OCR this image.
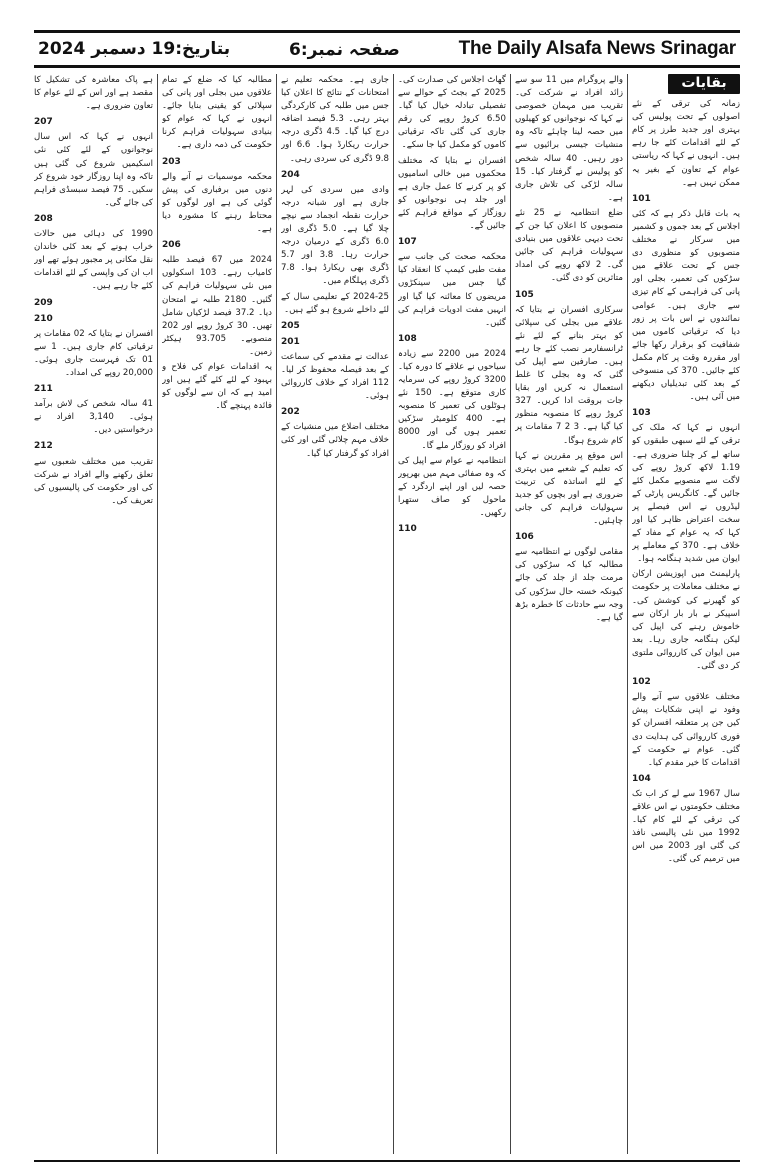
بتاریخ:19 دسمبر 2024	صفحہ نمبر:6	The Daily Alsafa News Srinagar
بقایات

زمانہ کی ترقی کے نئے اصولوں کے تحت پولیس کی بہتری اور جدید طرز پر کام کے لئے اقدامات کئے جا رہے ہیں۔ انہوں نے کہا کہ ریاستی عوام کے تعاون کے بغیر یہ ممکن نہیں ہے۔

101

یہ بات قابل ذکر ہے کہ کئی اجلاس کے بعد جموں و کشمیر میں سرکار نے مختلف منصوبوں کو منظوری دی جس کے تحت علاقے میں سڑکوں کی تعمیر، بجلی اور پانی کی فراہمی کے کام تیزی سے جاری ہیں۔ عوامی نمائندوں نے اس بات پر زور دیا کہ ترقیاتی کاموں میں شفافیت کو برقرار رکھا جائے اور مقررہ وقت پر کام مکمل کئے جائیں۔ 370 کی منسوخی کے بعد کئی تبدیلیاں دیکھنے میں آئی ہیں۔

103

انہوں نے کہا کہ ملک کی ترقی کے لئے سبھی طبقوں کو ساتھ لے کر چلنا ضروری ہے۔ 1.19 لاکھ کروڑ روپے کی لاگت سے منصوبے مکمل کئے جائیں گے۔ کانگریس پارٹی کے لیڈروں نے اس فیصلے پر سخت اعتراض ظاہر کیا اور کہا کہ یہ عوام کے مفاد کے خلاف ہے۔ 370 کے معاملے پر ایوان میں شدید ہنگامہ ہوا۔

پارلیمنٹ میں اپوزیشن ارکان نے مختلف معاملات پر حکومت کو گھیرنے کی کوشش کی۔ اسپیکر نے بار بار ارکان سے خاموش رہنے کی اپیل کی لیکن ہنگامہ جاری رہا۔ بعد میں ایوان کی کارروائی ملتوی کر دی گئی۔

102

مختلف علاقوں سے آنے والے وفود نے اپنی شکایات پیش کیں جن پر متعلقہ افسران کو فوری کارروائی کی ہدایت دی گئی۔ عوام نے حکومت کے اقدامات کا خیر مقدم کیا۔

104

سال 1967 سے لے کر اب تک مختلف حکومتوں نے اس علاقے کی ترقی کے لئے کام کیا۔ 1992 میں نئی پالیسی نافذ کی گئی اور 2003 میں اس میں ترمیم کی گئی۔

والے پروگرام میں 11 سو سے زائد افراد نے شرکت کی۔ تقریب میں مہمان خصوصی نے کہا کہ نوجوانوں کو کھیلوں میں حصہ لینا چاہئے تاکہ وہ منشیات جیسی برائیوں سے دور رہیں۔ 40 سالہ شخص کو پولیس نے گرفتار کیا۔ 15 سالہ لڑکی کی تلاش جاری ہے۔

ضلع انتظامیہ نے 25 نئے منصوبوں کا اعلان کیا جن کے تحت دیہی علاقوں میں بنیادی سہولیات فراہم کی جائیں گی۔ 2 لاکھ روپے کی امداد متاثرین کو دی گئی۔

105

سرکاری افسران نے بتایا کہ علاقے میں بجلی کی سپلائی کو بہتر بنانے کے لئے نئے ٹرانسفارمر نصب کئے جا رہے ہیں۔ صارفین سے اپیل کی گئی کہ وہ بجلی کا غلط استعمال نہ کریں اور بقایا جات بروقت ادا کریں۔ 327 کروڑ روپے کا منصوبہ منظور کیا گیا ہے۔ 3 2 7 مقامات پر کام شروع ہوگا۔

اس موقع پر مقررین نے کہا کہ تعلیم کے شعبے میں بہتری کے لئے اساتذہ کی تربیت ضروری ہے اور بچوں کو جدید سہولیات فراہم کی جانی چاہئیں۔

106

مقامی لوگوں نے انتظامیہ سے مطالبہ کیا کہ سڑکوں کی مرمت جلد از جلد کی جائے کیونکہ خستہ حال سڑکوں کی وجہ سے حادثات کا خطرہ بڑھ گیا ہے۔

گھاٹ اجلاس کی صدارت کی۔ 2025 کے بجٹ کے حوالے سے تفصیلی تبادلہ خیال کیا گیا۔ 6.50 کروڑ روپے کی رقم جاری کی گئی تاکہ ترقیاتی کاموں کو مکمل کیا جا سکے۔

افسران نے بتایا کہ مختلف محکموں میں خالی اسامیوں کو پر کرنے کا عمل جاری ہے اور جلد ہی نوجوانوں کو روزگار کے مواقع فراہم کئے جائیں گے۔

107

محکمہ صحت کی جانب سے مفت طبی کیمپ کا انعقاد کیا گیا جس میں سینکڑوں مریضوں کا معائنہ کیا گیا اور انہیں مفت ادویات فراہم کی گئیں۔

108

2024 میں 2200 سے زیادہ سیاحوں نے علاقے کا دورہ کیا۔ 3200 کروڑ روپے کی سرمایہ کاری متوقع ہے۔ 150 نئے ہوٹلوں کی تعمیر کا منصوبہ ہے۔ 400 کلومیٹر سڑکیں تعمیر ہوں گی اور 8000 افراد کو روزگار ملے گا۔

انتظامیہ نے عوام سے اپیل کی کہ وہ صفائی مہم میں بھرپور حصہ لیں اور اپنے اردگرد کے ماحول کو صاف ستھرا رکھیں۔

110

جاری ہے۔ محکمہ تعلیم نے امتحانات کے نتائج کا اعلان کیا جس میں طلبہ کی کارکردگی بہتر رہی۔ 5.3 فیصد اضافہ درج کیا گیا۔ 4.5 ڈگری درجہ حرارت ریکارڈ ہوا۔ 6.6 اور 9.8 ڈگری کی سردی رہی۔

204

وادی میں سردی کی لہر جاری ہے اور شبانہ درجہ حرارت نقطہ انجماد سے نیچے چلا گیا ہے۔ 5.0 ڈگری اور 6.0 ڈگری کے درمیان درجہ حرارت رہا۔ 3.8 اور 5.7 ڈگری بھی ریکارڈ ہوا۔ 7.8 ڈگری پہلگام میں۔

2024-25 کے تعلیمی سال کے لئے داخلے شروع ہو گئے ہیں۔

205
201

عدالت نے مقدمے کی سماعت کے بعد فیصلہ محفوظ کر لیا۔ 112 افراد کے خلاف کارروائی ہوئی۔

202

مختلف اضلاع میں منشیات کے خلاف مہم چلائی گئی اور کئی افراد کو گرفتار کیا گیا۔

مطالبہ کیا کہ ضلع کے تمام علاقوں میں بجلی اور پانی کی سپلائی کو یقینی بنایا جائے۔ انہوں نے کہا کہ عوام کو بنیادی سہولیات فراہم کرنا حکومت کی ذمہ داری ہے۔

203

محکمہ موسمیات نے آنے والے دنوں میں برفباری کی پیش گوئی کی ہے اور لوگوں کو محتاط رہنے کا مشورہ دیا ہے۔

206

2024 میں 67 فیصد طلبہ کامیاب رہے۔ 103 اسکولوں میں نئی سہولیات فراہم کی گئیں۔ 2180 طلبہ نے امتحان دیا۔ 37.2 فیصد لڑکیاں شامل تھیں۔ 30 کروڑ روپے اور 202 منصوبے۔ 93.705 ہیکٹر زمین۔

یہ اقدامات عوام کی فلاح و بہبود کے لئے کئے گئے ہیں اور امید ہے کہ ان سے لوگوں کو فائدہ پہنچے گا۔

ہے پاک معاشرہ کی تشکیل کا مقصد ہے اور اس کے لئے عوام کا تعاون ضروری ہے۔

207

انہوں نے کہا کہ اس سال نوجوانوں کے لئے کئی نئی اسکیمیں شروع کی گئی ہیں تاکہ وہ اپنا روزگار خود شروع کر سکیں۔ 75 فیصد سبسڈی فراہم کی جائے گی۔

208

1990 کی دہائی میں حالات خراب ہونے کے بعد کئی خاندان نقل مکانی پر مجبور ہوئے تھے اور اب ان کی واپسی کے لئے اقدامات کئے جا رہے ہیں۔

209
210

افسران نے بتایا کہ 02 مقامات پر ترقیاتی کام جاری ہیں۔ 1 سے 01 تک فہرست جاری ہوئی۔ 20,000 روپے کی امداد۔

211

41 سالہ شخص کی لاش برآمد ہوئی۔ 3,140 افراد نے درخواستیں دیں۔

212

تقریب میں مختلف شعبوں سے تعلق رکھنے والے افراد نے شرکت کی اور حکومت کی پالیسیوں کی تعریف کی۔
